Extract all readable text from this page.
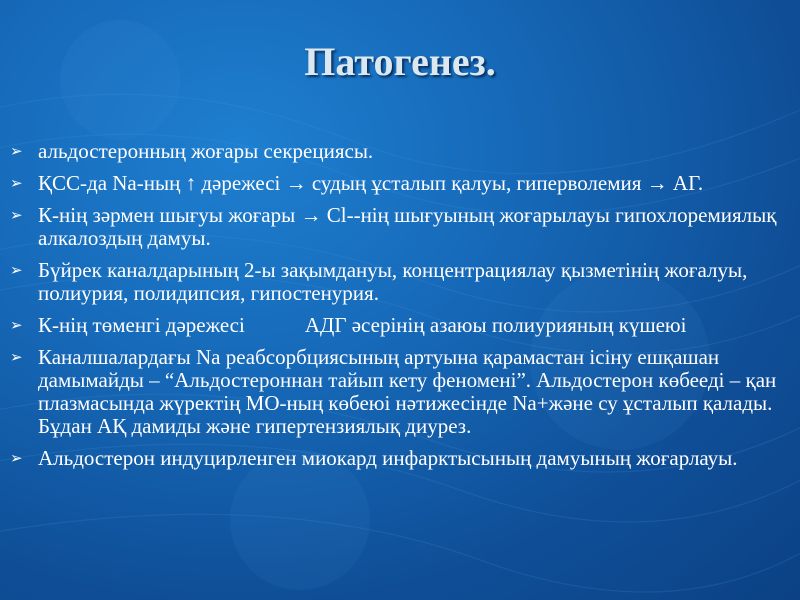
Патогенез.
➢ альдостеронның жоғары секрециясы.
➢ ҚСС-да Na-ның ↑ дәрежесі → судың ұсталып қалуы, гиперволемия → АГ.
➢ К-нің зәрмен шығуы жоғары → Cl--нің шығуының жоғарылауы гипохлоремиялық алкалоздың дамуы.
➢ Бүйрек каналдарының 2-ы зақымдануы, концентрациялау қызметінің жоғалуы, полиурия, полидипсия, гипостенурия.
➢ К-нің төменгі дәрежесі	АДГ әсерінің азаюы полиурияның күшеюі
➢ Каналшалардағы Na реабсорбциясының артуына қарамастан ісіну ешқашан дамымайды – “Альдостероннан тайып кету феномені”. Альдостерон көбееді – қан плазмасында жүректің МО-ның көбеюі нәтижесінде Na+және су ұсталып қалады. Бұдан АҚ дамиды және гипертензиялық диурез.
➢ Альдостерон индуцирленген миокард инфарктысының дамуының жоғарлауы.
